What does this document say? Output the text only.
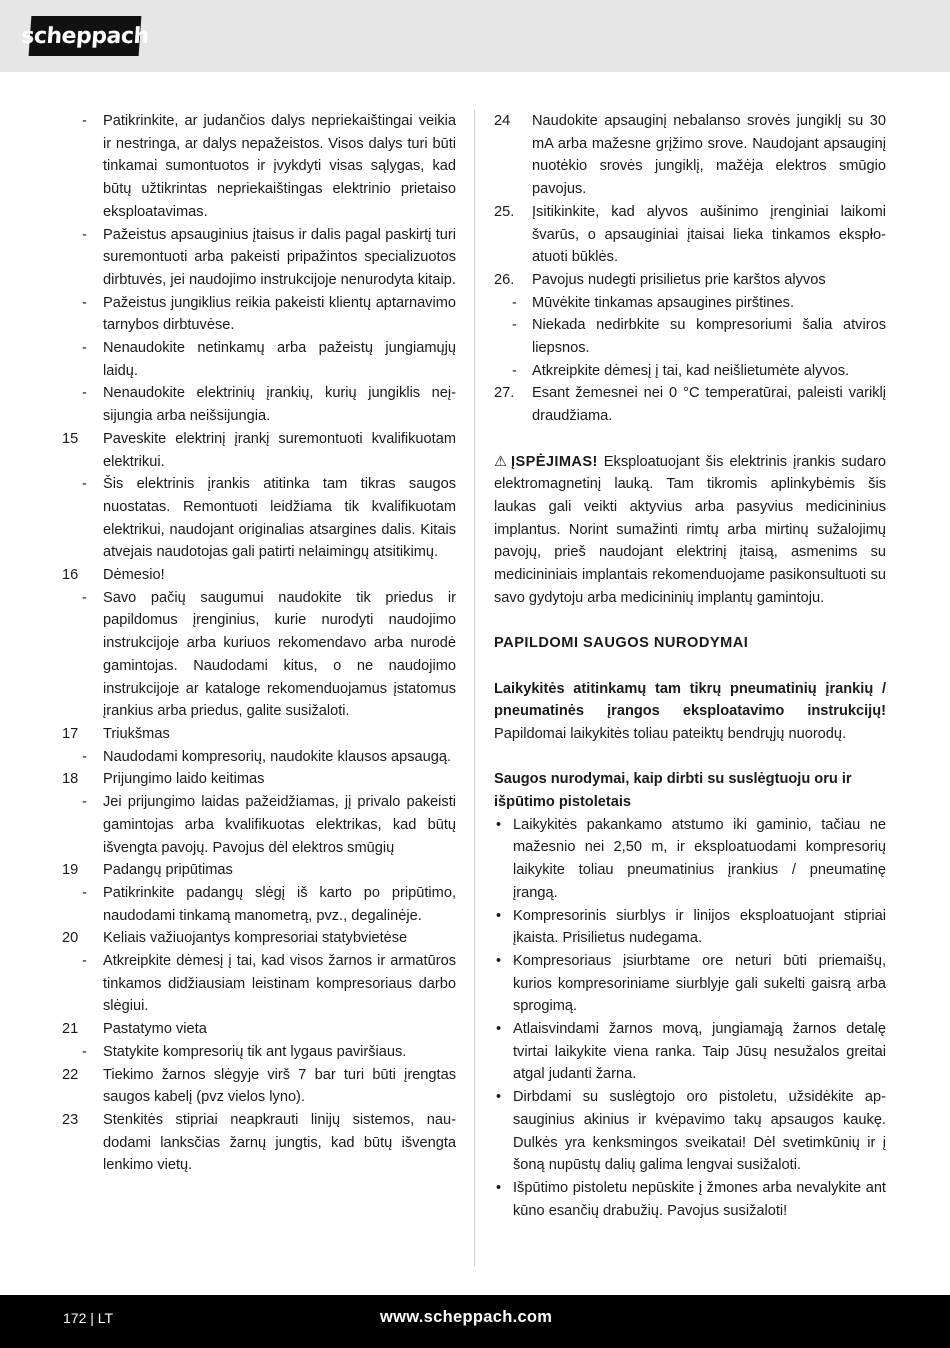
scheppach
-	Patikrinkite, ar judančios dalys nepriekaištingai veikia ir nestringa, ar dalys nepažeistos. Visos dalys turi būti tinkamai sumontuotos ir įvykdyti visas sąlygas, kad būtų užtikrintas nepriekaištingas elektrinio prietaiso eksploatavimas.
-	Pažeistus apsauginius įtaisus ir dalis pagal paskirtį turi suremontuoti arba pakeisti pripažintos specializuotos dirbtuvės, jei naudojimo instrukcijoje nenurodyta kitaip.
-	Pažeistus jungiklius reikia pakeisti klientų aptarnavimo tarnybos dirbtuvėse.
-	Nenaudokite netinkamų arba pažeistų jungiamųjų laidų.
-	Nenaudokite elektrinių įrankių, kurių jungiklis neįsijungia arba neišsijungia.
15	Paveskite elektrinį įrankį suremontuoti kvalifikuotam elektrikui.
-	Šis elektrinis įrankis atitinka tam tikras saugos nuostatas. Remontuoti leidžiama tik kvalifikuotam elektrikui, naudojant originalias atsargines dalis. Kitais atvejais naudotojas gali patirti nelaimingų atsitikimų.
16	Dėmesio!
-	Savo pačių saugumui naudokite tik priedus ir papildomus įrenginius, kurie nurodyti naudojimo instrukcijoje arba kuriuos rekomendavo arba nurodė gamintojas. Naudodami kitus, o ne naudojimo instrukcijoje ar kataloge rekomenduojamus įstatomus įrankius arba priedus, galite susižaloti.
17	Triukšmas
-	Naudodami kompresorių, naudokite klausos apsaugą.
18	Prijungimo laido keitimas
-	Jei prijungimo laidas pažeidžiamas, jį privalo pakeisti gamintojas arba kvalifikuotas elektrikas, kad būtų išvengta pavojų. Pavojus dėl elektros smūgių
19	Padangų pripūtimas
-	Patikrinkite padangų slėgį iš karto po pripūtimo, naudodami tinkamą manometrą, pvz., degalinėje.
20	Keliais važiuojantys kompresoriai statybvietėse
-	Atkreipkite dėmesį į tai, kad visos žarnos ir armatūros tinkamos didžiausiam leistinam kompresoriaus darbo slėgiui.
21	Pastatymo vieta
-	Statykite kompresorių tik ant lygaus paviršiaus.
22	Tiekimo žarnos slėgyje virš 7 bar turi būti įrengtas saugos kabelį (pvz vielos lyno).
23	Stenkitės stipriai neapkrauti linijų sistemos, naudodami lanksčias žarnų jungtis, kad būtų išvengta lenkimo vietų.
24	Naudokite apsauginį nebalanso srovės jungiklį su 30 mA arba mažesne grįžimo srove. Naudojant apsauginį nuotėkio srovės jungiklį, mažėja elektros smūgio pavojus.
25.	Įsitikinkite, kad alyvos aušinimo įrenginiai laikomi švarūs, o apsauginiai įtaisai lieka tinkamos ekspłoatuoti būklės.
26.	Pavojus nudegti prisilietus prie karštos alyvos
-	Mūvėkite tinkamas apsaugines pirštines.
-	Niekada nedirbkite su kompresoriumi šalia atviros liepsnos.
-	Atkreipkite dėmesį į tai, kad neišlietumėte alyvos.
27.	Esant žemesnei nei 0 °C temperatūrai, paleisti variklį draudžiama.
⚠ ĮSPĖJIMAS! Eksploatuojant šis elektrinis įrankis sudaro elektromagnetinį lauką. Tam tikromis aplinkybėmis šis laukas gali veikti aktyvius arba pasyvius medicininius implantus. Norint sumažinti rimtų arba mirtinų sužalojimų pavojų, prieš naudojant elektrinį įtaisą, asmenims su medicininiais implantais rekomenduojame pasikonsultuoti su savo gydytoju arba medicininių implantų gamintoju.
PAPILDOMI SAUGOS NURODYMAI
Laikykitės atitinkamų tam tikrų pneumatinių įrankių / pneumatinės įrangos eksploatavimo instrukcijų! Papildomai laikykitės toliau pateiktų bendrųjų nuorodų.
Saugos nurodymai, kaip dirbti su suslėgtuoju oru ir išpūtimo pistoletais
• Laikykitės pakankamo atstumo iki gaminio, tačiau ne mažesnio nei 2,50 m, ir eksploatuodami kompresorių laikykite toliau pneumatinius įrankius / pneumatinę įrangą.
• Kompresorinis siurblys ir linijos eksploatuojant stipriai įkaista. Prisilietus nudegama.
• Kompresoriaus įsiurbtame ore neturi būti priemaišų, kurios kompresoriniame siurblyje gali sukelti gaisrą arba sprogimą.
• Atlaisvindami žarnos movą, jungiamąją žarnos detalę tvirtai laikykite viena ranka. Taip Jūsų nesužalos greitai atgal judanti žarna.
• Dirbdami su suslėgtojo oro pistoletu, užsidėkite apsauginius akinius ir kvėpavimo takų apsaugos kaukę. Dulkės yra kenksmingos sveikatai! Dėl svetimkūnių ir į šoną nupūstų dalių galima lengvai susižaloti.
• Išpūtimo pistoletu nepūskite į žmones arba nevalykite ant kūno esančių drabužių. Pavojus susižaloti!
172 | LT	www.scheppach.com
